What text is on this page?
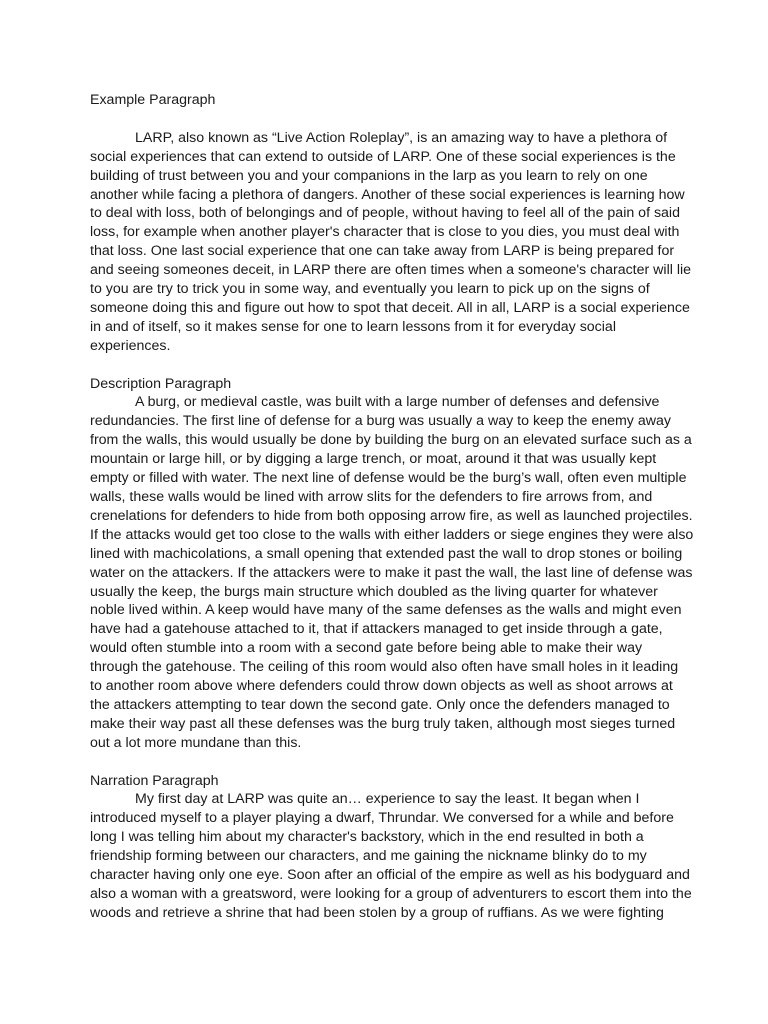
Example Paragraph
LARP, also known as “Live Action Roleplay”, is an amazing way to have a plethora of
social experiences that can extend to outside of LARP. One of these social experiences is the
building of trust between you and your companions in the larp as you learn to rely on one
another while facing a plethora of dangers. Another of these social experiences is learning how
to deal with loss, both of belongings and of people, without having to feel all of the pain of said
loss, for example when another player's character that is close to you dies, you must deal with
that loss. One last social experience that one can take away from LARP is being prepared for
and seeing someones deceit, in LARP there are often times when a someone's character will lie
to you are try to trick you in some way, and eventually you learn to pick up on the signs of
someone doing this and figure out how to spot that deceit. All in all, LARP is a social experience
in and of itself, so it makes sense for one to learn lessons from it for everyday social
experiences.
Description Paragraph
A burg, or medieval castle, was built with a large number of defenses and defensive
redundancies. The first line of defense for a burg was usually a way to keep the enemy away
from the walls, this would usually be done by building the burg on an elevated surface such as a
mountain or large hill, or by digging a large trench, or moat, around it that was usually kept
empty or filled with water. The next line of defense would be the burg’s wall, often even multiple
walls, these walls would be lined with arrow slits for the defenders to fire arrows from, and
crenelations for defenders to hide from both opposing arrow fire, as well as launched projectiles.
If the attacks would get too close to the walls with either ladders or siege engines they were also
lined with machicolations, a small opening that extended past the wall to drop stones or boiling
water on the attackers. If the attackers were to make it past the wall, the last line of defense was
usually the keep, the burgs main structure which doubled as the living quarter for whatever
noble lived within. A keep would have many of the same defenses as the walls and might even
have had a gatehouse attached to it, that if attackers managed to get inside through a gate,
would often stumble into a room with a second gate before being able to make their way
through the gatehouse. The ceiling of this room would also often have small holes in it leading
to another room above where defenders could throw down objects as well as shoot arrows at
the attackers attempting to tear down the second gate. Only once the defenders managed to
make their way past all these defenses was the burg truly taken, although most sieges turned
out a lot more mundane than this.
Narration Paragraph
My first day at LARP was quite an… experience to say the least. It began when I
introduced myself to a player playing a dwarf, Thrundar. We conversed for a while and before
long I was telling him about my character's backstory, which in the end resulted in both a
friendship forming between our characters, and me gaining the nickname blinky do to my
character having only one eye. Soon after an official of the empire as well as his bodyguard and
also a woman with a greatsword, were looking for a group of adventurers to escort them into the
woods and retrieve a shrine that had been stolen by a group of ruffians. As we were fighting
